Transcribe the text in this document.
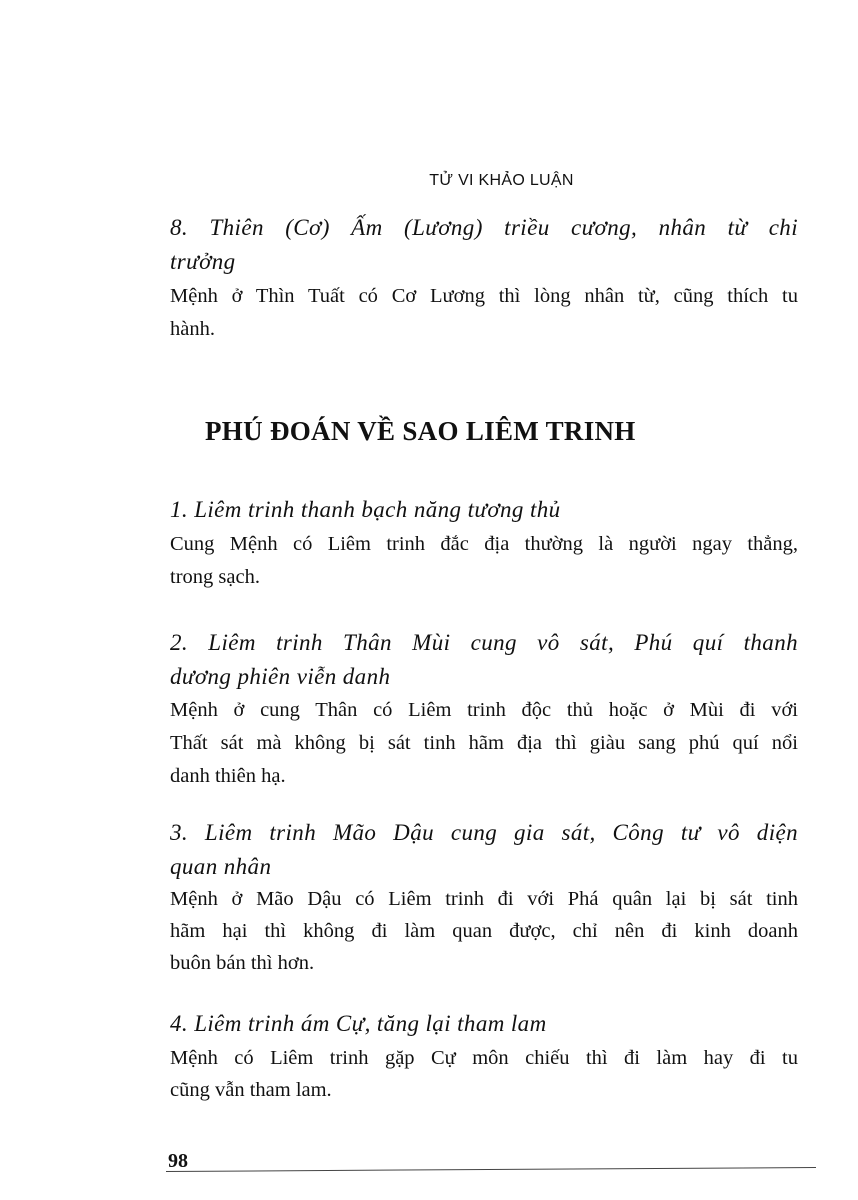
TỬ VI KHẢO LUẬN
8. Thiên (Cơ) Ấm (Lương) triều cương, nhân từ chi
trưởng
Mệnh ở Thìn Tuất có Cơ Lương thì lòng nhân từ, cũng thích tu
hành.
PHÚ ĐOÁN VỀ SAO LIÊM TRINH
1. Liêm trinh thanh bạch năng tương thủ
Cung Mệnh có Liêm trinh đắc địa thường là người ngay thẳng,
trong sạch.
2. Liêm trinh Thân Mùi cung vô sát, Phú quí thanh
dương phiên viễn danh
Mệnh ở cung Thân có Liêm trinh độc thủ hoặc ở Mùi đi với
Thất sát mà không bị sát tinh hãm địa thì giàu sang phú quí nổi
danh thiên hạ.
3. Liêm trinh Mão Dậu cung gia sát, Công tư vô diện
quan nhân
Mệnh ở Mão Dậu có Liêm trinh đi với Phá quân lại bị sát tinh
hãm hại thì không đi làm quan được, chỉ nên đi kinh doanh
buôn bán thì hơn.
4. Liêm trinh ám Cự, tăng lại tham lam
Mệnh có Liêm trinh gặp Cự môn chiếu thì đi làm hay đi tu
cũng vẫn tham lam.
98
